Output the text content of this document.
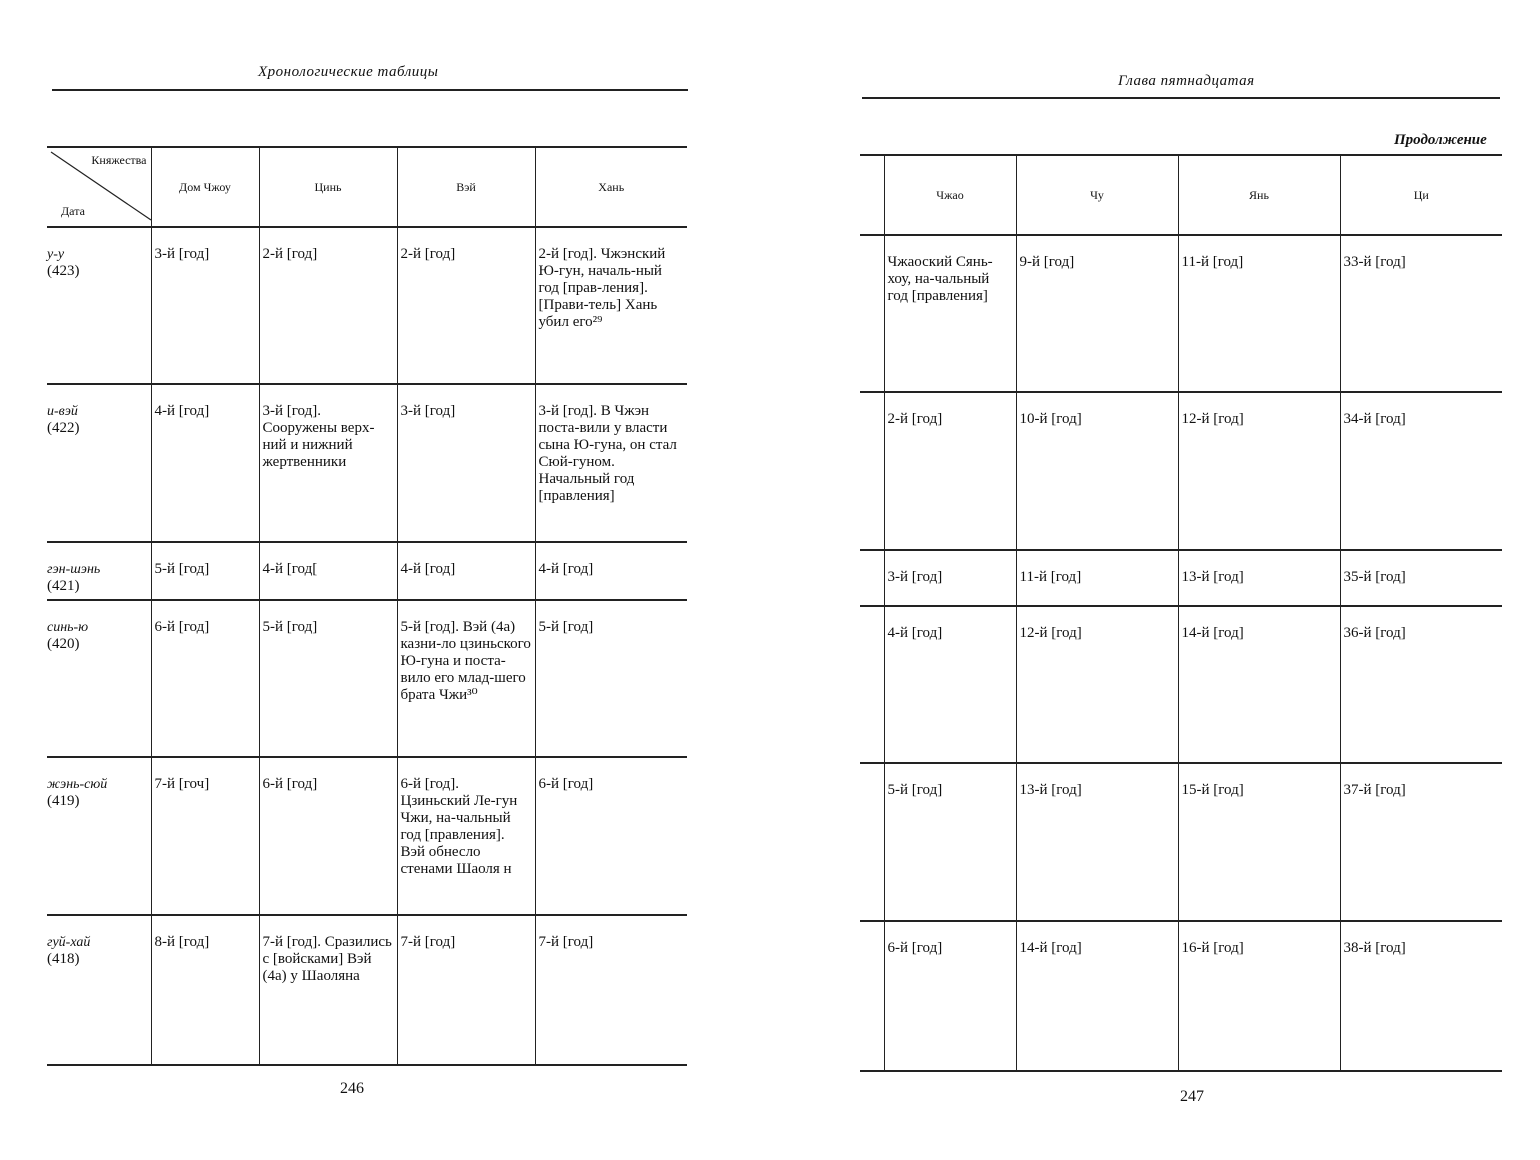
Хронологические таблицы
Княжества
Дата	Дом Чжоу	Цинь	Вэй	Хань

у-у
(423)	3-й [год]	2-й [год]	2-й [год]	2-й [год]. Чжэнский Ю-гун, началь-ный год [прав-ления]. [Прави-тель] Хань убил его²⁹

и-вэй
(422)	4-й [год]	3-й [год]. Сооружены верх-ний и нижний жертвенники	3-й [год]	3-й [год]. В Чжэн поста-вили у власти сына Ю-гуна, он стал Сюй-гуном. Начальный год [правления]

гэн-шэнь
(421)	5-й [год]	4-й [год[	4-й [год]	4-й [год]

синь-ю
(420)	6-й [год]	5-й [год]	5-й [год]. Вэй (4а) казни-ло цзиньского Ю-гуна и поста-вило его млад-шего брата Чжи³⁰	5-й [год]

жэнь-сюй
(419)	7-й [гоч]	6-й [год]	6-й [год]. Цзиньский Ле-гун Чжи, на-чальный год [правления]. Вэй обнесло стенами Шаоля н	6-й [год]

гуй-хай
(418)	8-й [год]	7-й [год]. Сразились с [войсками] Вэй (4а) у Шаоляна	7-й [год]	7-й [год]
246
Глава пятнадцатая
Продолжение
	Чжао	Чу	Янь	Ци
	Чжаоский Сянь-хоу, на-чальный год [правления]	9-й [год]	11-й [год]	33-й [год]
	2-й [год]	10-й [год]	12-й [год]	34-й [год]
	3-й [год]	11-й [год]	13-й [год]	35-й [год]
	4-й [год]	12-й [год]	14-й [год]	36-й [год]
	5-й [год]	13-й [год]	15-й [год]	37-й [год]
	6-й [год]	14-й [год]	16-й [год]	38-й [год]
247
